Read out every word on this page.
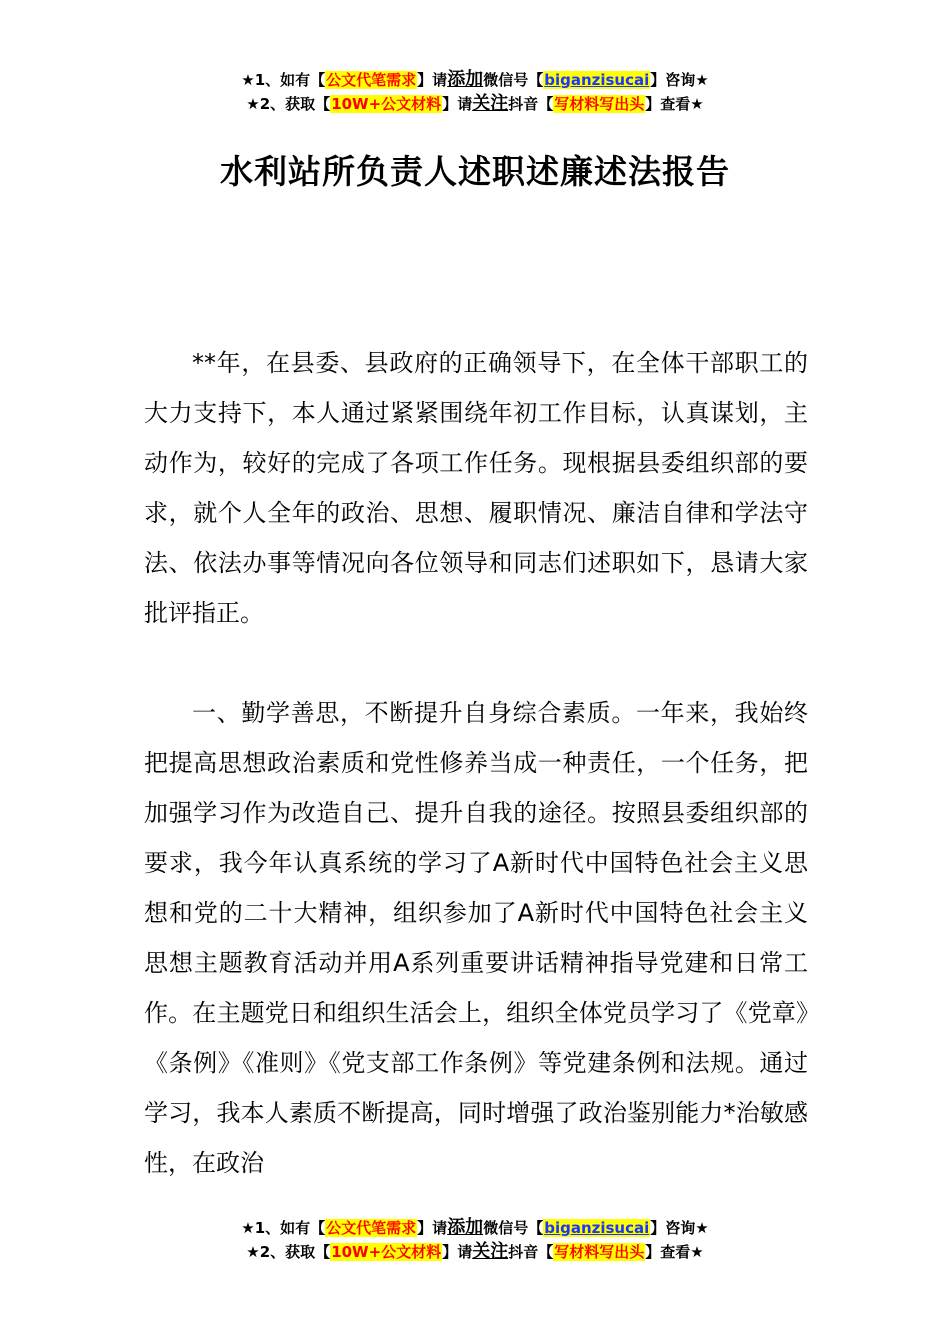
★1、如有【公文代笔需求】请添加微信号【biganzisucai】咨询★
★2、获取【10W+公文材料】请关注抖音【写材料写出头】查看★
水利站所负责人述职述廉述法报告

**年，在县委、县政府的正确领导下，在全体干部职工的大力支持下，本人通过紧紧围绕年初工作目标，认真谋划，主动作为，较好的完成了各项工作任务。现根据县委组织部的要求，就个人全年的政治、思想、履职情况、廉洁自律和学法守法、依法办事等情况向各位领导和同志们述职如下，恳请大家批评指正。

一、勤学善思，不断提升自身综合素质。一年来，我始终把提高思想政治素质和党性修养当成一种责任，一个任务，把加强学习作为改造自己、提升自我的途径。按照县委组织部的要求，我今年认真系统的学习了A新时代中国特色社会主义思想和党的二十大精神，组织参加了A新时代中国特色社会主义思想主题教育活动并用A系列重要讲话精神指导党建和日常工作。在主题党日和组织生活会上，组织全体党员学习了《党章》《条例》《准则》《党支部工作条例》等党建条例和法规。通过学习，我本人素质不断提高，同时增强了政治鉴别能力*治敏感性，在政治

★1、如有【公文代笔需求】请添加微信号【biganzisucai】咨询★
★2、获取【10W+公文材料】请关注抖音【写材料写出头】查看★
